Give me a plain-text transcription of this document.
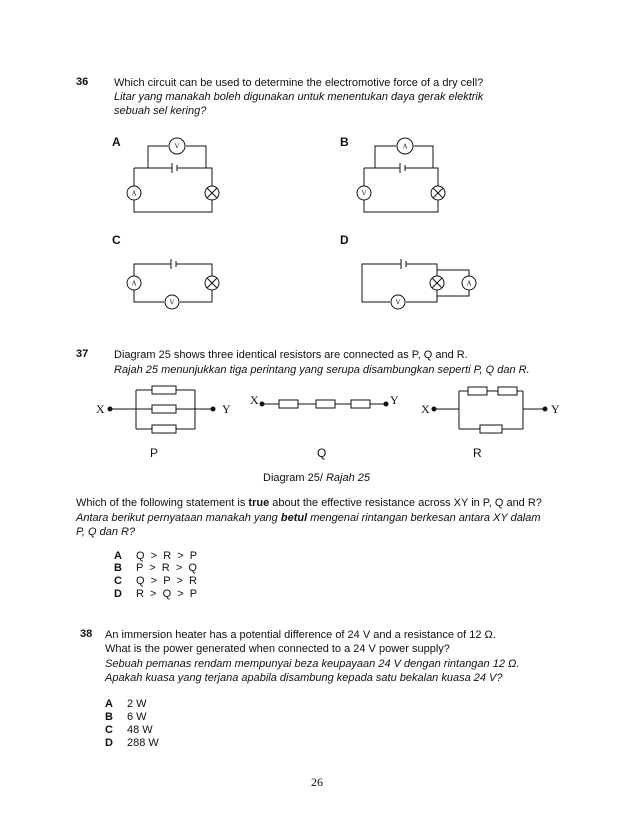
36 Which circuit can be used to determine the electromotive force of a dry cell?
Litar yang manakah boleh digunakan untuk menentukan daya gerak elektrik
sebuah sel kering?
A	B
C	D
V
A
A
V
A
V	V
A
37 Diagram 25 shows three identical resistors are connected as P, Q and R.
Rajah 25 menunjukkan tiga perintang yang serupa disambungkan seperti P, Q dan R.
X	Y
X	Y
X	Y
P	Q	R
Diagram 25/ Rajah 25
Which of the following statement is true about the effective resistance across XY in P, Q and R?
Antara berikut pernyataan manakah yang betul mengenai rintangan berkesan antara XY dalam
P, Q dan R?
A Q  >  R  >  P
B P  >  R  >  Q
C Q  >  P  >  R
D R  >  Q  >  P
38 An immersion heater has a potential difference of 24 V and a resistance of 12 Ω.
What is the power generated when connected to a 24 V power supply?
Sebuah pemanas rendam mempunyai beza keupayaan 24 V dengan rintangan 12 Ω.
Apakah kuasa yang terjana apabila disambung kepada satu bekalan kuasa 24 V?
A 2 W
B 6 W
C 48 W
D 288 W
26
